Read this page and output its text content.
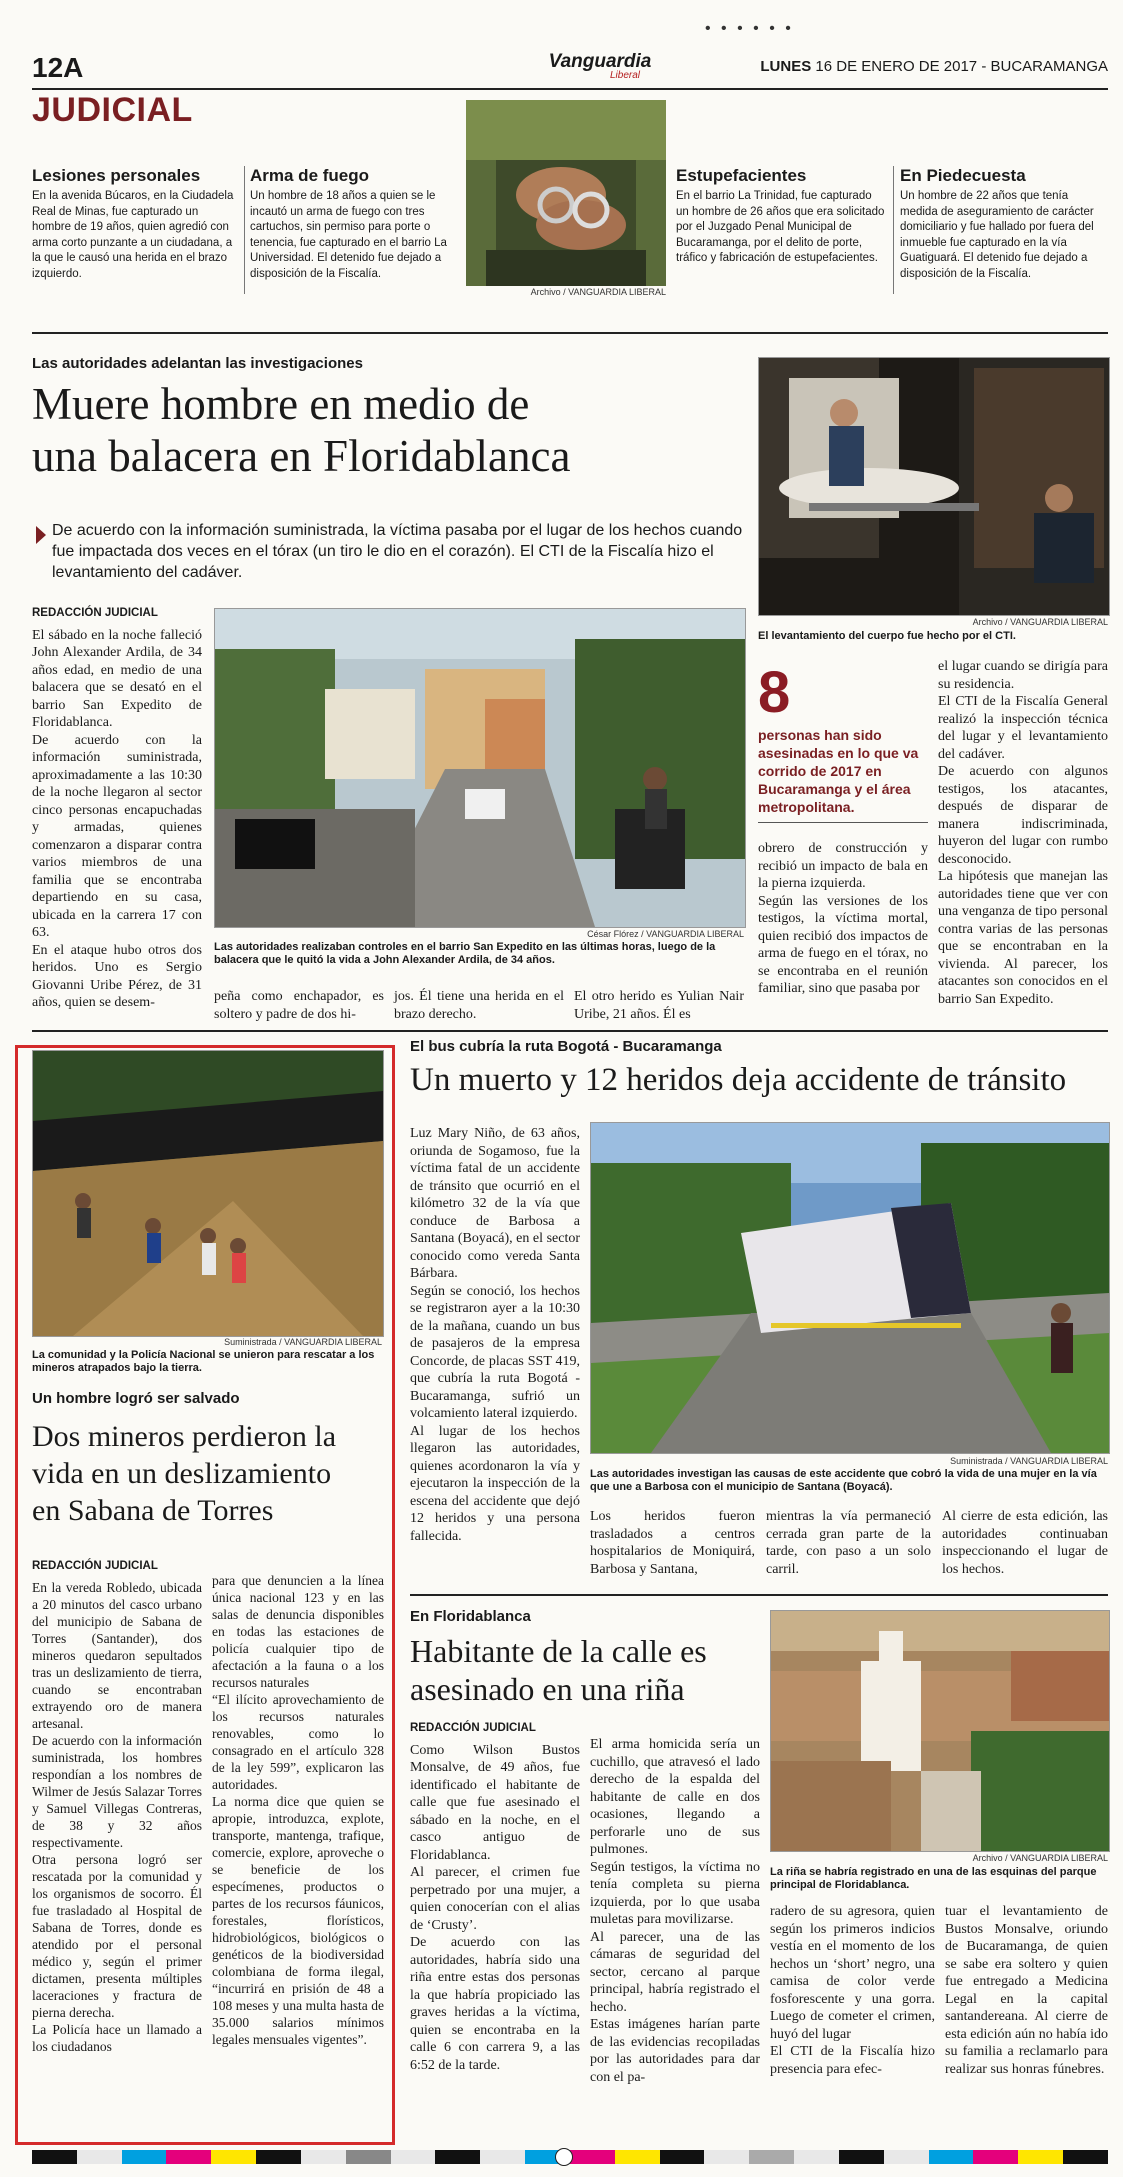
• • • • • •
12A	Vanguardia
Liberal
LUNES 16 DE ENERO DE 2017 - BUCARAMANGA
JUDICIAL
Lesiones personales
En la avenida Búcaros, en la Ciudadela Real de Minas, fue capturado un hombre de 19 años, quien agredió con arma corto punzante a un ciudadana, a la que le causó una herida en el brazo izquierdo.
Arma de fuego
Un hombre de 18 años a quien se le incautó un arma de fuego con tres cartuchos, sin permiso para porte o tenencia, fue capturado en el barrio La Universidad. El detenido fue dejado a disposición de la Fiscalía.
Archivo / VANGUARDIA LIBERAL
Estupefacientes
En el barrio La Trinidad, fue capturado un hombre de 26 años que era solicitado por el Juzgado Penal Municipal de Bucaramanga, por el delito de porte, tráfico y fabricación de estupefacientes.
En Piedecuesta
Un hombre de 22 años que tenía medida de aseguramiento de carácter domiciliario y fue hallado por fuera del inmueble fue capturado en la vía Guatiguará. El detenido fue dejado a disposición de la Fiscalía.
Las autoridades adelantan las investigaciones
Muere hombre en medio de
una balacera en Floridablanca
De acuerdo con la información suministrada, la víctima pasaba por el lugar de los hechos cuando fue impactada dos veces en el tórax (un tiro le dio en el corazón). El CTI de la Fiscalía hizo el levantamiento del cadáver.
Archivo / VANGUARDIA LIBERAL
El levantamiento del cuerpo fue hecho por el CTI.
REDACCIÓN JUDICIAL
El sábado en la noche falleció John Alexander Ardila, de 34 años edad, en medio de una balacera que se desató en el barrio San Expedito de Floridablanca.
De acuerdo con la información suministrada, aproximadamente a las 10:30 de la noche llegaron al sector cinco personas encapuchadas y armadas, quienes comenzaron a disparar contra varios miembros de una familia que se encontraba departiendo en su casa, ubicada en la carrera 17 con 63.
En el ataque hubo otros dos heridos. Uno es Sergio Giovanni Uribe Pérez, de 31 años, quien se desem-
César Flórez / VANGUARDIA LIBERAL
Las autoridades realizaban controles en el barrio San Expedito en las últimas horas, luego de la balacera que le quitó la vida a John Alexander Ardila, de 34 años.
peña como enchapador, es soltero y padre de dos hi-
jos. Él tiene una herida en el brazo derecho.
El otro herido es Yulian Nair Uribe, 21 años. Él es
8
personas han sido asesinadas en lo que va corrido de 2017 en Bucaramanga y el área metropolitana.
obrero de construcción y recibió un impacto de bala en la pierna izquierda.
Según las versiones de los testigos, la víctima mortal, quien recibió dos impactos de arma de fuego en el tórax, no se encontraba en el reunión familiar, sino que pasaba por
el lugar cuando se dirigía para su residencia.
El CTI de la Fiscalía General realizó la inspección técnica del lugar y el levantamiento del cadáver.
De acuerdo con algunos testigos, los atacantes, después de disparar de manera indiscriminada, huyeron del lugar con rumbo desconocido.
La hipótesis que manejan las autoridades tiene que ver con una venganza de tipo personal contra varias de las personas que se encontraban en la vivienda. Al parecer, los atacantes son conocidos en el barrio San Expedito.
Suministrada / VANGUARDIA LIBERAL
La comunidad y la Policía Nacional se unieron para rescatar a los mineros atrapados bajo la tierra.
Un hombre logró ser salvado
Dos mineros perdieron la
vida en un deslizamiento
en Sabana de Torres
REDACCIÓN JUDICIAL
En la vereda Robledo, ubicada a 20 minutos del casco urbano del municipio de Sabana de Torres (Santander), dos mineros quedaron sepultados tras un deslizamiento de tierra, cuando se encontraban extrayendo oro de manera artesanal.
De acuerdo con la información suministrada, los hombres respondían a los nombres de Wilmer de Jesús Salazar Torres y Samuel Villegas Contreras, de 38 y 32 años respectivamente.
Otra persona logró ser rescatada por la comunidad y los organismos de socorro. Él fue trasladado al Hospital de Sabana de Torres, donde es atendido por el personal médico y, según el primer dictamen, presenta múltiples laceraciones y fractura de pierna derecha.
La Policía hace un llamado a los ciudadanos
para que denuncien a la línea única nacional 123 y en las salas de denuncia disponibles en todas las estaciones de policía cualquier tipo de afectación a la fauna o a los recursos naturales
“El ilícito aprovechamiento de los recursos naturales renovables, como lo consagrado en el artículo 328 de la ley 599”, explicaron las autoridades.
La norma dice que quien se apropie, introduzca, explote, transporte, mantenga, trafique, comercie, explore, aproveche o se beneficie de los especímenes, productos o partes de los recursos fáunicos, forestales, florísticos, hidrobiológicos, biológicos o genéticos de la biodiversidad colombiana de forma ilegal, “incurrirá en prisión de 48 a 108 meses y una multa hasta de 35.000 salarios mínimos legales mensuales vigentes”.
El bus cubría la ruta Bogotá - Bucaramanga
Un muerto y 12 heridos deja accidente de tránsito
Luz Mary Niño, de 63 años, oriunda de Sogamoso, fue la víctima fatal de un accidente de tránsito que ocurrió en el kilómetro 32 de la vía que conduce de Barbosa a Santana (Boyacá), en el sector conocido como vereda Santa Bárbara.
Según se conoció, los hechos se registraron ayer a la 10:30 de la mañana, cuando un bus de pasajeros de la empresa Concorde, de placas SST 419, que cubría la ruta Bogotá - Bucaramanga, sufrió un volcamiento lateral izquierdo.
Al lugar de los hechos llegaron las autoridades, quienes acordonaron la vía y ejecutaron la inspección de la escena del accidente que dejó 12 heridos y una persona fallecida.
Suministrada / VANGUARDIA LIBERAL
Las autoridades investigan las causas de este accidente que cobró la vida de una mujer en la vía que une a Barbosa con el municipio de Santana (Boyacá).
Los heridos fueron trasladados a centros hospitalarios de Moniquirá, Barbosa y Santana,
mientras la vía permaneció cerrada gran parte de la tarde, con paso a un solo carril.
Al cierre de esta edición, las autoridades continuaban inspeccionando el lugar de los hechos.
En Floridablanca
Habitante de la calle es
asesinado en una riña
Archivo / VANGUARDIA LIBERAL
La riña se habría registrado en una de las esquinas del parque principal de Floridablanca.
REDACCIÓN JUDICIAL
Como Wilson Bustos Monsalve, de 49 años, fue identificado el habitante de calle que fue asesinado el sábado en la noche, en el casco antiguo de Floridablanca.
Al parecer, el crimen fue perpetrado por una mujer, a quien conocerían con el alias de ‘Crusty’.
De acuerdo con las autoridades, habría sido una riña entre estas dos personas la que habría propiciado las graves heridas a la víctima, quien se encontraba en la calle 6 con carrera 9, a las 6:52 de la tarde.
El arma homicida sería un cuchillo, que atravesó el lado derecho de la espalda del habitante de calle en dos ocasiones, llegando a perforarle uno de sus pulmones.
Según testigos, la víctima no tenía completa su pierna izquierda, por lo que usaba muletas para movilizarse.
Al parecer, una de las cámaras de seguridad del sector, cercano al parque principal, habría registrado el hecho.
Estas imágenes harían parte de las evidencias recopiladas por las autoridades para dar con el pa-
radero de su agresora, quien según los primeros indicios vestía en el momento de los hechos un ‘short’ negro, una camisa de color verde fosforescente y una gorra. Luego de cometer el crimen, huyó del lugar
El CTI de la Fiscalía hizo presencia para efec-
tuar el levantamiento de Bustos Monsalve, oriundo de Bucaramanga, de quien se sabe era soltero y quien fue entregado a Medicina Legal en la capital santandereana. Al cierre de esta edición aún no había ido su familia a reclamarlo para realizar sus honras fúnebres.
